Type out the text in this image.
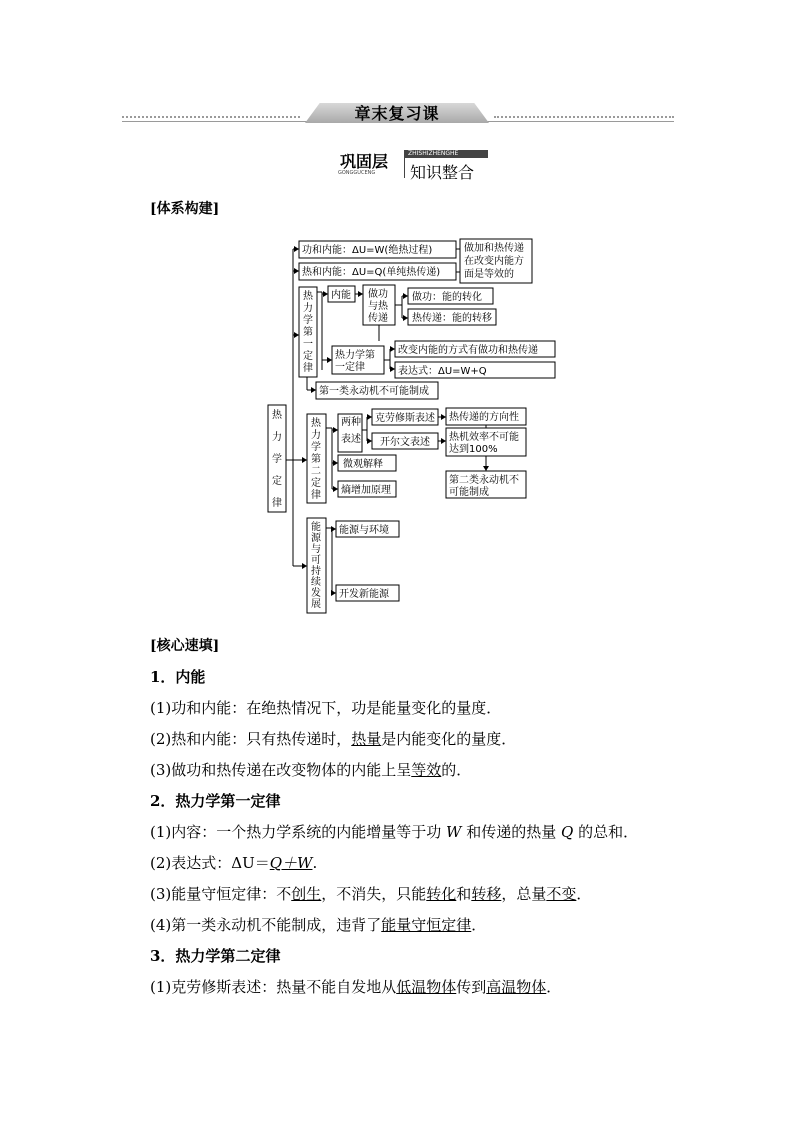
章末复习课
巩固层	ZHISHIZHENGHE
GONGGUCENG 知识整合
[体系构建]
功和内能：ΔU=W(绝热过程)
热和内能：ΔU=Q(单纯热传递)
做加和热传递
在改变内能方
面是等效的
热
力
学
定
律
热
力
学
第
一
定
律
内能 做功
与热
传递
做功：能的转化
热传递：能的转移
热力学第
一定律
改变内能的方式有做功和热传递
表达式：ΔU=W+Q
第一类永动机不可能制成
热
力
学
第
二
定
律
两 种
表 述
克劳修斯表述
开尔文表述
热传递的方向性
热机效率不可能
达到100%
第二类永动机不
可能制成
微观解释
熵增加原理
能
源
与
可
持
续
发
展
能源与环境
开发新能源
[核心速填]
1．内能
(1)功和内能：在绝热情况下，功是能量变化的量度．
(2)热和内能：只有热传递时，热量是内能变化的量度．
(3)做功和热传递在改变物体的内能上呈等效的．
2．热力学第一定律
(1)内容：一个热力学系统的内能增量等于功 W 和传递的热量 Q 的总和．
(2)表达式：ΔU＝Q＋W.
(3)能量守恒定律：不创生，不消失，只能转化和转移，总量不变．
(4)第一类永动机不能制成，违背了能量守恒定律．
3．热力学第二定律
(1)克劳修斯表述：热量不能自发地从低温物体传到高温物体．
